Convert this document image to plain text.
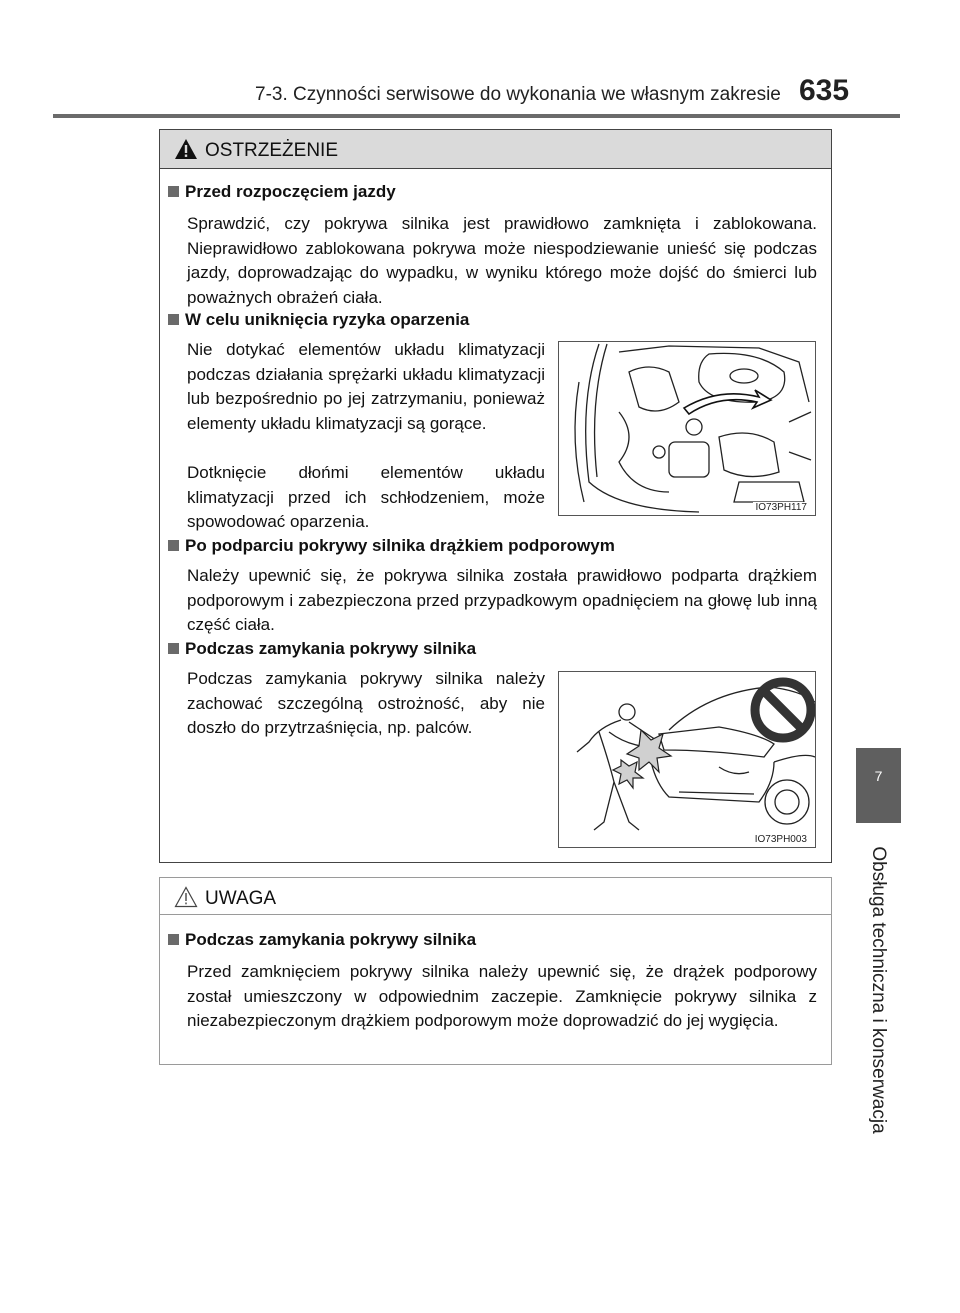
7-3. Czynności serwisowe do wykonania we własnym zakresie 635
7
Obsługa techniczna i konserwacja
OSTRZEŻENIE
Przed rozpoczęciem jazdy
Sprawdzić, czy pokrywa silnika jest prawidłowo zamknięta i zablokowana. Nieprawidłowo zablokowana pokrywa może niespodziewanie unieść się podczas jazdy, doprowadzając do wypadku, w wyniku którego może dojść do śmierci lub poważnych obrażeń ciała.
W celu uniknięcia ryzyka oparzenia
Nie dotykać elementów układu klimatyzacji podczas działania sprężarki układu klimatyzacji lub bezpośrednio po jej zatrzymaniu, ponieważ elementy układu klimatyzacji są gorące.
Dotknięcie dłońmi elementów układu klimatyzacji przed ich schłodzeniem, może spowodować oparzenia.
IO73PH117
Po podparciu pokrywy silnika drążkiem podporowym
Należy upewnić się, że pokrywa silnika została prawidłowo podparta drążkiem podporowym i zabezpieczona przed przypadkowym opadnięciem na głowę lub inną część ciała.
Podczas zamykania pokrywy silnika
Podczas zamykania pokrywy silnika należy zachować szczególną ostrożność, aby nie doszło do przytrzaśnięcia, np. palców.
IO73PH003
UWAGA
Podczas zamykania pokrywy silnika
Przed zamknięciem pokrywy silnika należy upewnić się, że drążek podporowy został umieszczony w odpowiednim zaczepie. Zamknięcie pokrywy silnika z niezabezpieczonym drążkiem podporowym może doprowadzić do jej wygięcia.
